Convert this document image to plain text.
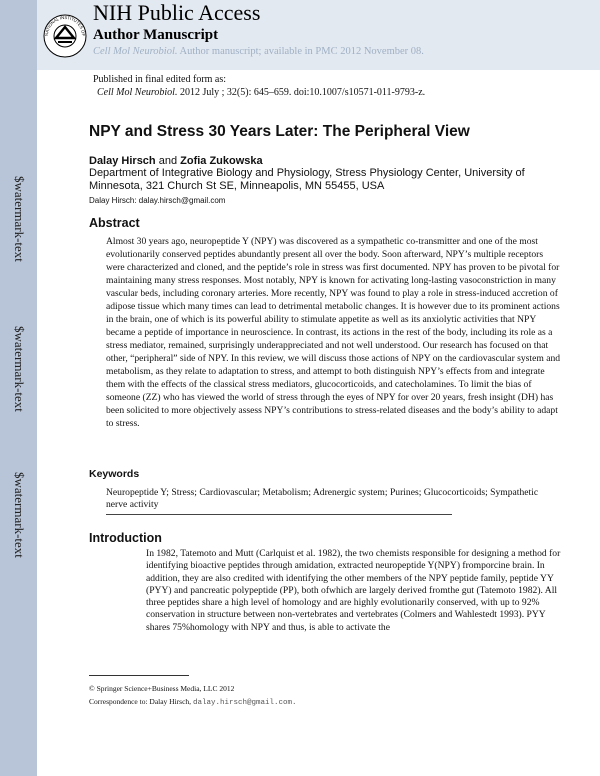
$watermark-text
$watermark-text
$watermark-text
NATIONAL INSTITUTES OF
NIH Public Access
Author Manuscript
Cell Mol Neurobiol. Author manuscript; available in PMC 2012 November 08.
Published in final edited form as:
Cell Mol Neurobiol. 2012 July ; 32(5): 645–659. doi:10.1007/s10571-011-9793-z.
NPY and Stress 30 Years Later: The Peripheral View
Dalay Hirsch and Zofia Zukowska
Department of Integrative Biology and Physiology, Stress Physiology Center, University of Minnesota, 321 Church St SE, Minneapolis, MN 55455, USA
Dalay Hirsch: dalay.hirsch@gmail.com
Abstract
Almost 30 years ago, neuropeptide Y (NPY) was discovered as a sympathetic co-transmitter and one of the most evolutionarily conserved peptides abundantly present all over the body. Soon afterward, NPY’s multiple receptors were characterized and cloned, and the peptide’s role in stress was first documented. NPY has proven to be pivotal for maintaining many stress responses. Most notably, NPY is known for activating long-lasting vasoconstriction in many vascular beds, including coronary arteries. More recently, NPY was found to play a role in stress-induced accretion of adipose tissue which many times can lead to detrimental metabolic changes. It is however due to its prominent actions in the brain, one of which is its powerful ability to stimulate appetite as well as its anxiolytic activities that NPY became a peptide of importance in neuroscience. In contrast, its actions in the rest of the body, including its role as a stress mediator, remained, surprisingly underappreciated and not well understood. Our research has focused on that other, “peripheral” side of NPY. In this review, we will discuss those actions of NPY on the cardiovascular system and metabolism, as they relate to adaptation to stress, and attempt to both distinguish NPY’s effects from and integrate them with the effects of the classical stress mediators, glucocorticoids, and catecholamines. To limit the bias of someone (ZZ) who has viewed the world of stress through the eyes of NPY for over 20 years, fresh insight (DH) has been solicited to more objectively assess NPY’s contributions to stress-related diseases and the body’s ability to adapt to stress.
Keywords
Neuropeptide Y; Stress; Cardiovascular; Metabolism; Adrenergic system; Purines; Glucocorticoids; Sympathetic nerve activity
Introduction
In 1982, Tatemoto and Mutt (Carlquist et al. 1982), the two chemists responsible for designing a method for identifying bioactive peptides through amidation, extracted neuropeptide Y(NPY) fromporcine brain. In addition, they are also credited with identifying the other members of the NPY peptide family, peptide YY (PYY) and pancreatic polypeptide (PP), both ofwhich are largely derived fromthe gut (Tatemoto 1982). All three peptides share a high level of homology and are highly evolutionarily conserved, with up to 92% conservation in structure between non-vertebrates and vertebrates (Colmers and Wahlestedt 1993). PYY shares 75%homology with NPY and thus, is able to activate the
© Springer Science+Business Media, LLC 2012
Correspondence to: Dalay Hirsch, dalay.hirsch@gmail.com.
